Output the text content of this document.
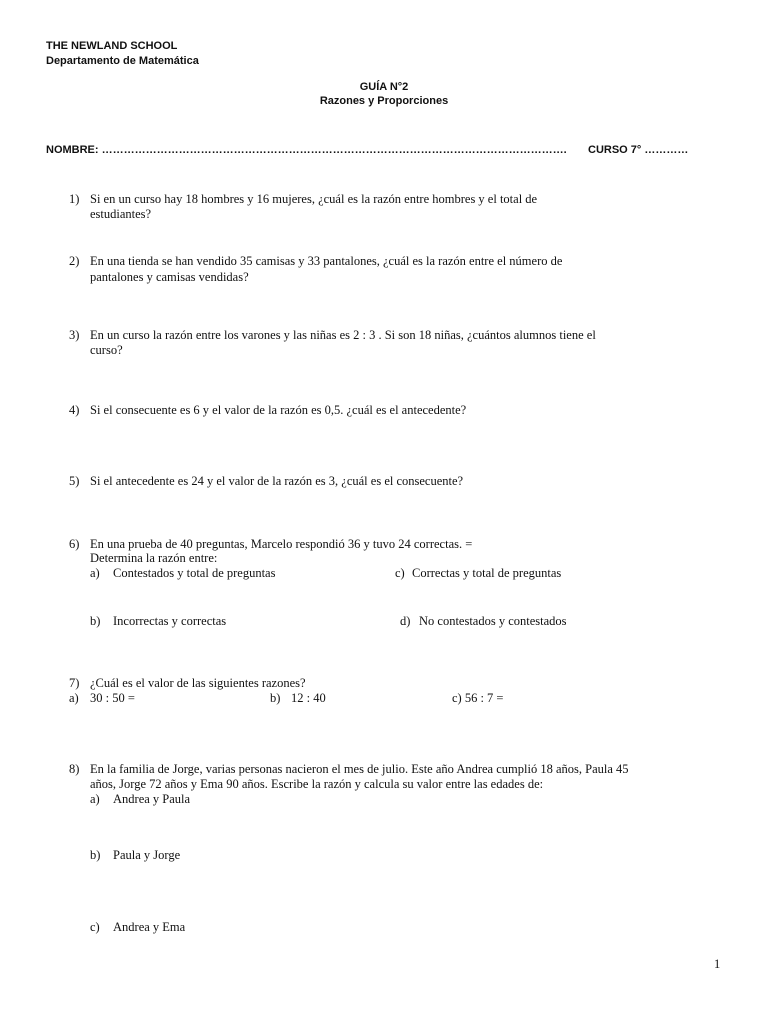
THE NEWLAND SCHOOL
Departamento de Matemática
GUÍA N°2
Razones y Proporciones
NOMBRE: ………………………………………………………………………………………………………………. CURSO 7° …………
1) Si en un curso hay 18 hombres y 16 mujeres, ¿cuál es la razón entre hombres y el total de
estudiantes?
2) En una tienda se han vendido 35 camisas y 33 pantalones, ¿cuál es la razón entre el número de
pantalones y camisas vendidas?
3) En un curso la razón entre los varones y las niñas es 2 : 3 . Si son 18 niñas, ¿cuántos alumnos tiene el
curso?
4) Si el consecuente es 6 y el valor de la razón es 0,5. ¿cuál es el antecedente?
5) Si el antecedente es 24 y el valor de la razón es 3, ¿cuál es el consecuente?
6) En una prueba de 40 preguntas, Marcelo respondió 36 y tuvo 24 correctas. =
Determina la razón entre:
a) Contestados y total de preguntas	c) Correctas y total de preguntas
b) Incorrectas y correctas	d) No contestados y contestados
7) ¿Cuál es el valor de las siguientes razones?
a) 30 : 50 =	b) 12 : 40	c) 56 : 7 =
8) En la familia de Jorge, varias personas nacieron el mes de julio. Este año Andrea cumplió 18 años, Paula 45
años, Jorge 72 años y Ema 90 años. Escribe la razón y calcula su valor entre las edades de:
a) Andrea y Paula
b) Paula y Jorge
c) Andrea y Ema
1
